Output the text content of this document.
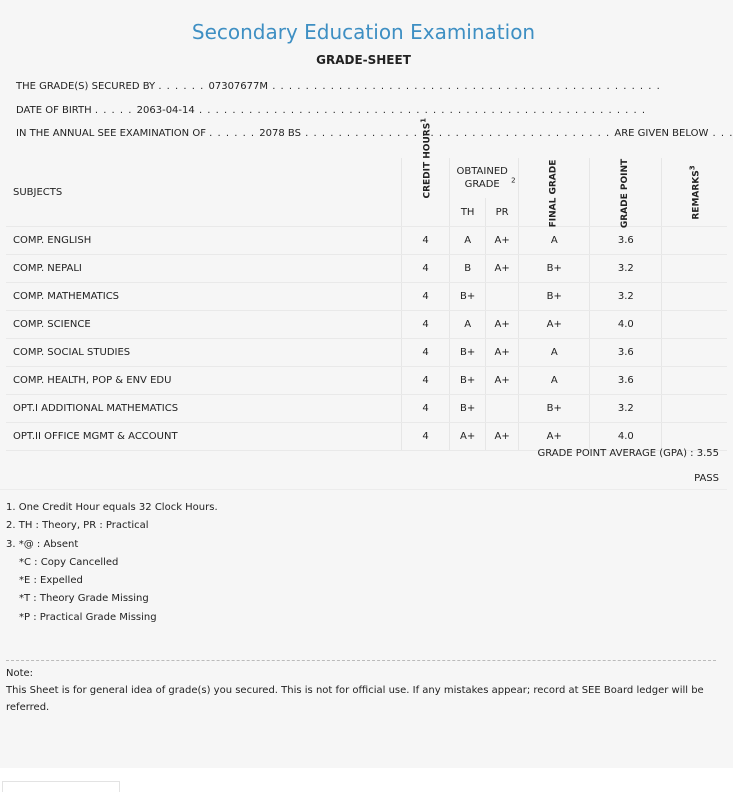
Secondary Education Examination
GRADE-SHEET
THE GRADE(S) SECURED BY . . . . . . 07307677M . . . . . . . . . . . . . . . . . . . . . . . . . . . . . . . . . . . . . . . . . . . . . . .
DATE OF BIRTH . . . . . 2063-04-14 . . . . . . . . . . . . . . . . . . . . . . . . . . . . . . . . . . . . . . . . . . . . . . . . . . . . . .
IN THE ANNUAL SEE EXAMINATION OF . . . . . . 2078 BS . . . . . . . . . . . . . . . . . . . . . . . . . . . . . . . . . . . . . ARE GIVEN BELOW . . .
SUBJECTS	CREDIT HOURS$^1$	OBTAINED GRADE $^2$		FINAL GRADE	GRADE POINT	REMARKS$^3$
		TH	PR			
COMP. ENGLISH	4	A	A+	A	3.6	
COMP. NEPALI	4	B	A+	B+	3.2	
COMP. MATHEMATICS	4	B+		B+	3.2	
COMP. SCIENCE	4	A	A+	A+	4.0	
COMP. SOCIAL STUDIES	4	B+	A+	A	3.6	
COMP. HEALTH, POP & ENV EDU	4	B+	A+	A	3.6	
OPT.I ADDITIONAL MATHEMATICS	4	B+		B+	3.2	
OPT.II OFFICE MGMT & ACCOUNT	4	A+	A+	A+	4.0	
GRADE POINT AVERAGE (GPA) : 3.55
PASS
1. One Credit Hour equals 32 Clock Hours.
2. TH : Theory, PR : Practical
3. *@ : Absent
*C : Copy Cancelled
*E : Expelled
*T : Theory Grade Missing
*P : Practical Grade Missing
Note:
This Sheet is for general idea of grade(s) you secured. This is not for official use. If any mistakes appear; record at SEE Board ledger will be referred.
